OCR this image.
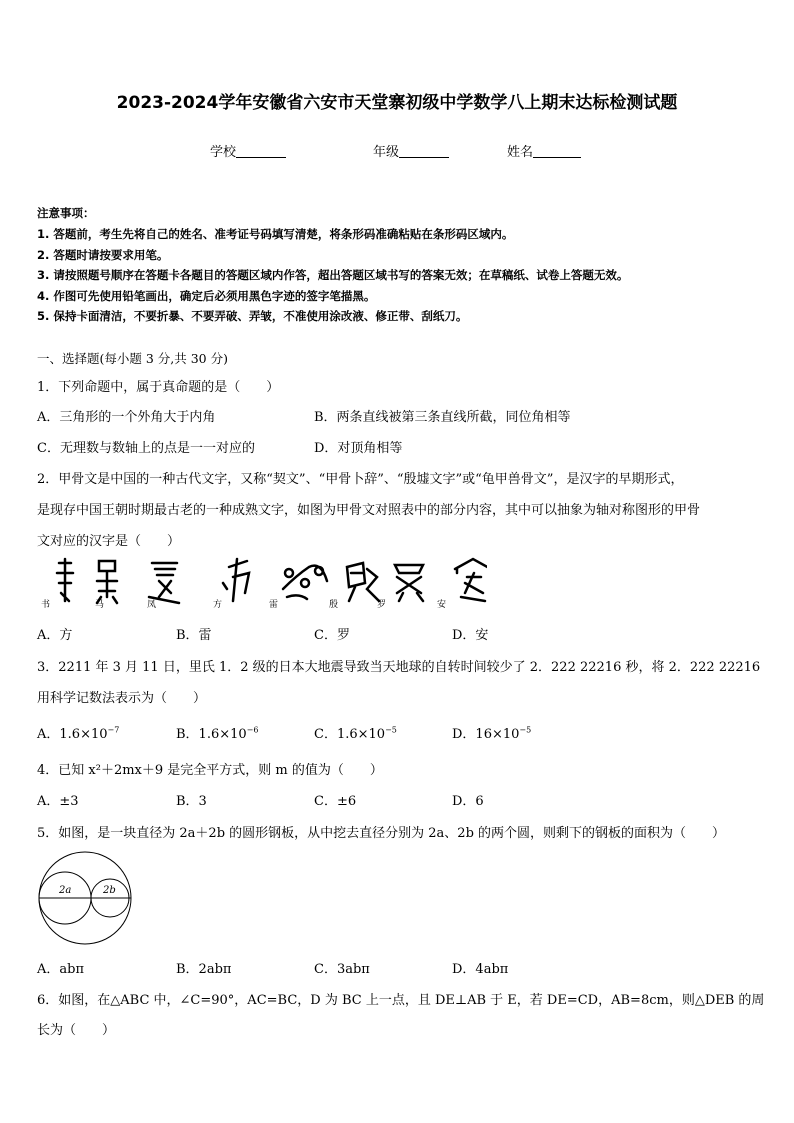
2023-2024学年安徽省六安市天堂寨初级中学数学八上期末达标检测试题
学校	年级	姓名
注意事项：
1. 答题前，考生先将自己的姓名、准考证号码填写清楚，将条形码准确粘贴在条形码区域内。
2. 答题时请按要求用笔。
3. 请按照题号顺序在答题卡各题目的答题区域内作答，超出答题区域书写的答案无效；在草稿纸、试卷上答题无效。
4. 作图可先使用铅笔画出，确定后必须用黑色字迹的签字笔描黑。
5. 保持卡面清洁，不要折暴、不要弄破、弄皱，不准使用涂改液、修正带、刮纸刀。
一、选择题(每小题 3 分,共 30 分)
1．下列命题中，属于真命题的是（　　）
A．三角形的一个外角大于内角	B．两条直线被第三条直线所截，同位角相等
C．无理数与数轴上的点是一一对应的	D．对顶角相等
2．甲骨文是中国的一种古代文字，又称“契文”、“甲骨卜辞”、“殷墟文字”或“龟甲兽骨文”，是汉字的早期形式，
是现存中国王朝时期最古老的一种成熟文字，如图为甲骨文对照表中的部分内容，其中可以抽象为轴对称图形的甲骨
文对应的汉字是（　　）
书	马	凤	方	雷	殷	罗	安
A．方	B．雷	C．罗	D．安
3．2211 年 3 月 11 日，里氏 1．2 级的日本大地震导致当天地球的自转时间较少了 2．222 22216 秒，将 2．222 22216
用科学记数法表示为（　　）
A．$1.6\times 10^{-7}$	B．$1.6\times 10^{-6}$	C．$1.6\times 10^{-5}$	D．$16\times 10^{-5}$
4．已知 x²＋2mx＋9 是完全平方式，则 m 的值为（　　）
A．±3	B．3	C．±6	D．6
5．如图，是一块直径为 2a＋2b 的圆形钢板，从中挖去直径分别为 2a、2b 的两个圆，则剩下的钢板的面积为（　　）
2a	2b
A．abπ	B．2abπ	C．3abπ	D．4abπ
6．如图，在△ABC 中，∠C=90°，AC=BC，D 为 BC 上一点，且 DE⊥AB 于 E，若 DE=CD，AB=8cm，则△DEB 的周
长为（　　）
